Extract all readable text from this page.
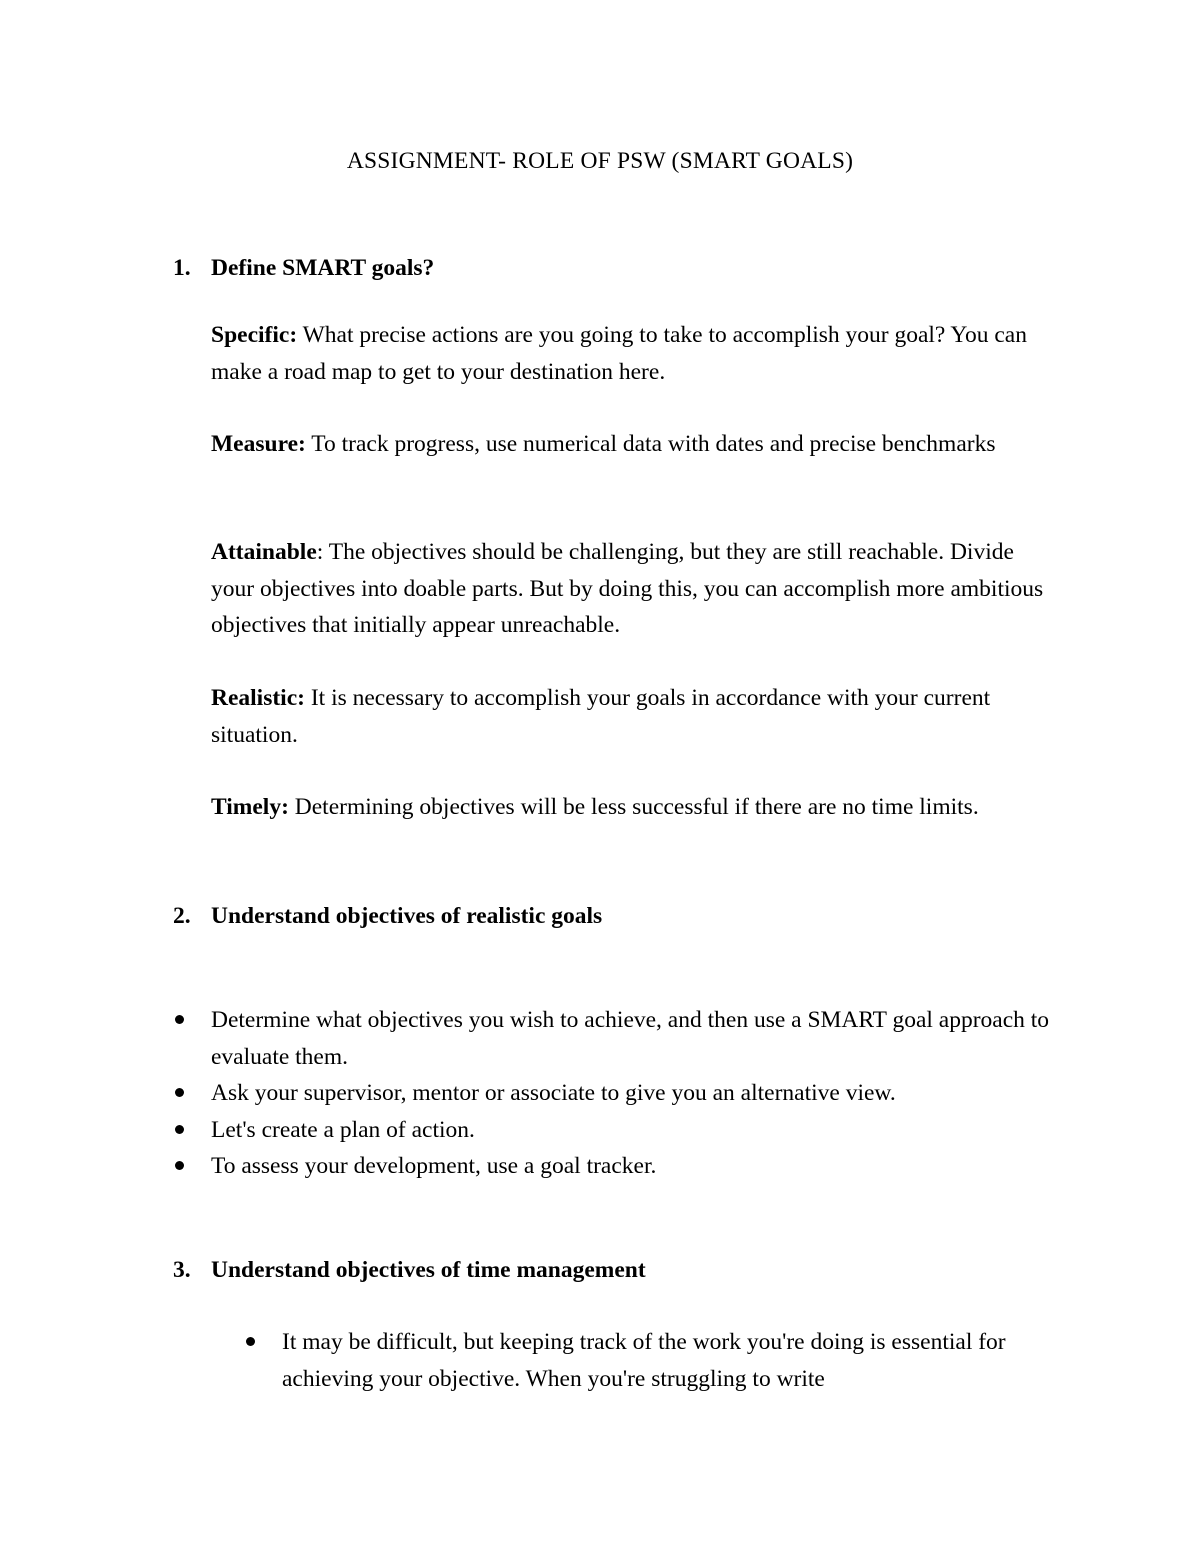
ASSIGNMENT- ROLE OF PSW (SMART GOALS)
1. Define SMART goals?

Specific: What precise actions are you going to take to accomplish your goal? You can make a road map to get to your destination here.

Measure: To track progress, use numerical data with dates and precise benchmarks

Attainable: The objectives should be challenging, but they are still reachable. Divide your objectives into doable parts. But by doing this, you can accomplish more ambitious objectives that initially appear unreachable.

Realistic: It is necessary to accomplish your goals in accordance with your current situation.

Timely: Determining objectives will be less successful if there are no time limits.

2. Understand objectives of realistic goals
Determine what objectives you wish to achieve, and then use a SMART goal approach to evaluate them.
Ask your supervisor, mentor or associate to give you an alternative view.
Let's create a plan of action.
To assess your development, use a goal tracker.
3. Understand objectives of time management
It may be difficult, but keeping track of the work you're doing is essential for achieving your objective. When you're struggling to write
